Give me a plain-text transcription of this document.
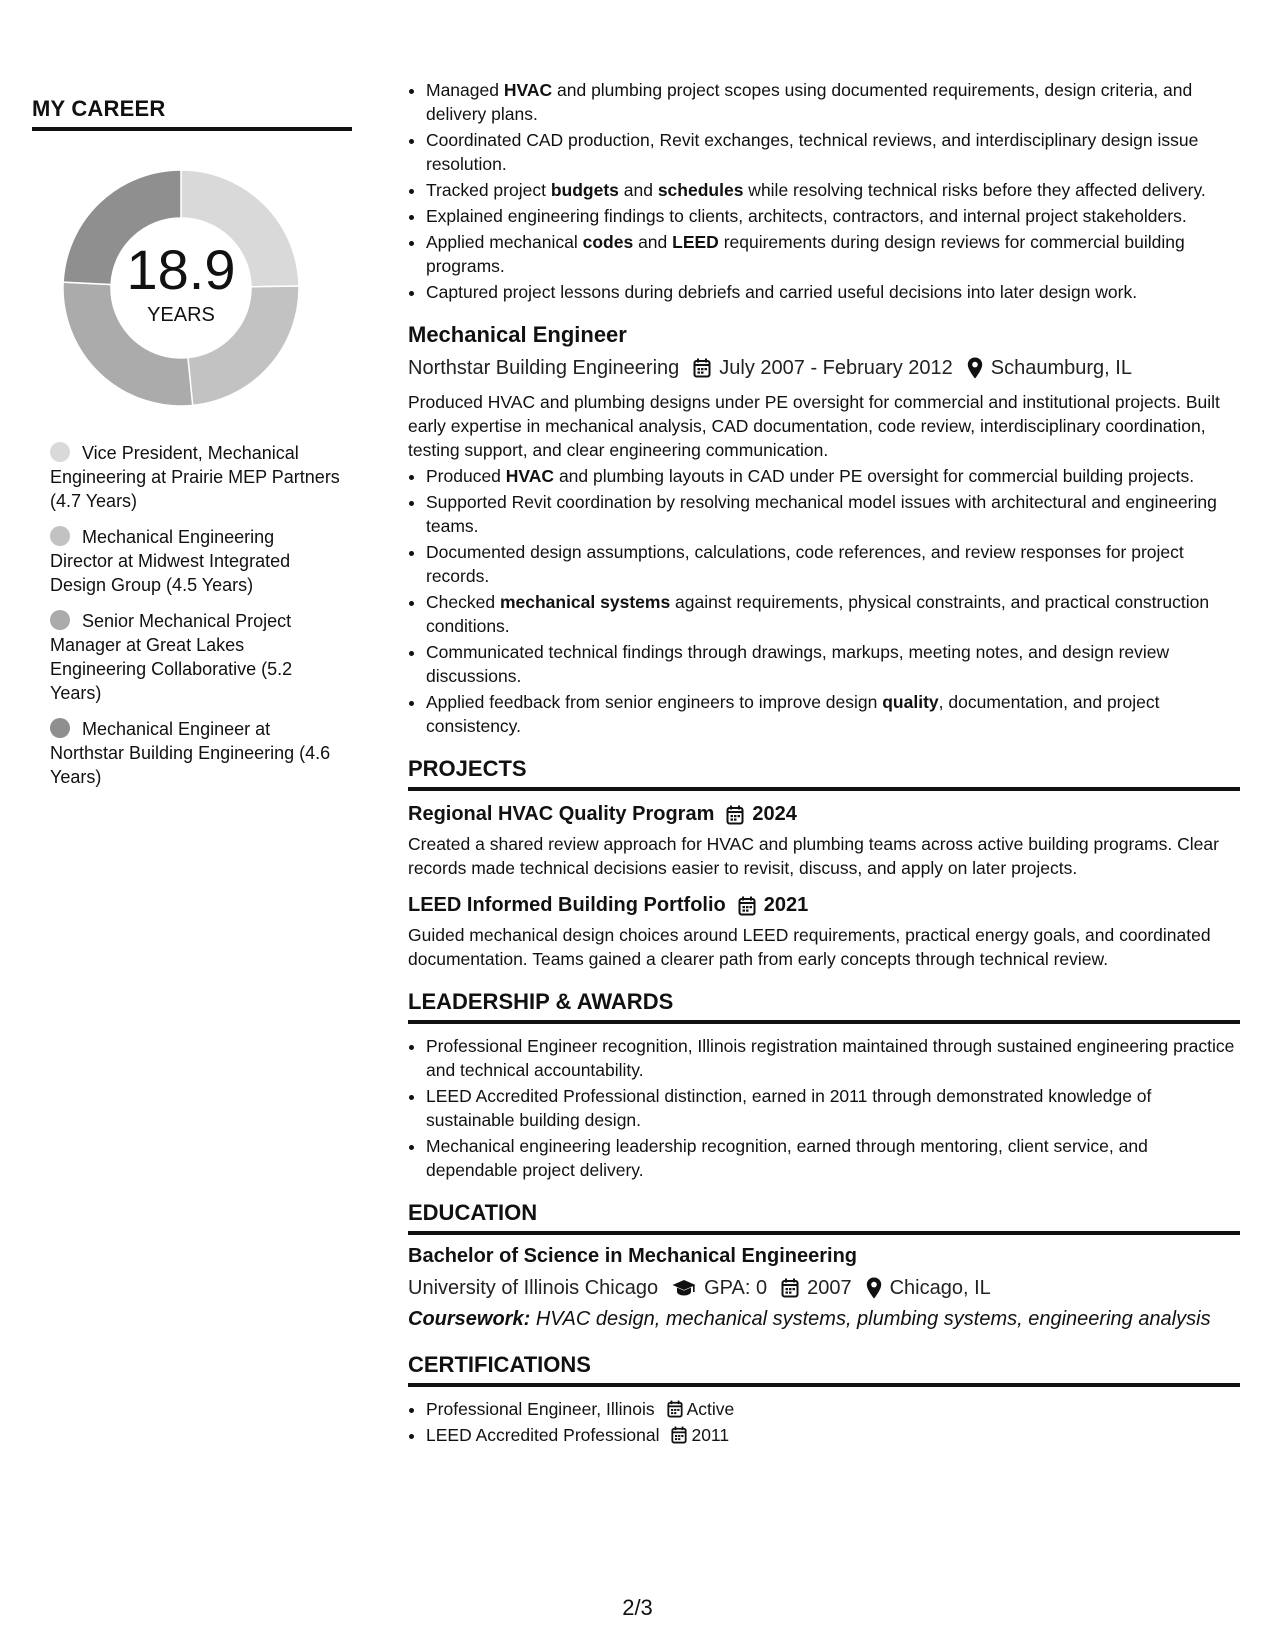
MY CAREER
18.9
YEARS
Vice President, Mechanical Engineering at Prairie MEP Partners (4.7 Years)
Mechanical Engineering Director at Midwest Integrated Design Group (4.5 Years)
Senior Mechanical Project Manager at Great Lakes Engineering Collaborative (5.2 Years)
Mechanical Engineer at Northstar Building Engineering (4.6 Years)
• Managed HVAC and plumbing project scopes using documented requirements, design criteria, and delivery plans.
• Coordinated CAD production, Revit exchanges, technical reviews, and interdisciplinary design issue resolution.
• Tracked project budgets and schedules while resolving technical risks before they affected delivery.
• Explained engineering findings to clients, architects, contractors, and internal project stakeholders.
• Applied mechanical codes and LEED requirements during design reviews for commercial building programs.
• Captured project lessons during debriefs and carried useful decisions into later design work.
Mechanical Engineer
Northstar Building Engineering July 2007 - February 2012 Schaumburg, IL
Produced HVAC and plumbing designs under PE oversight for commercial and institutional projects. Built early expertise in mechanical analysis, CAD documentation, code review, interdisciplinary coordination, testing support, and clear engineering communication.
• Produced HVAC and plumbing layouts in CAD under PE oversight for commercial building projects.
• Supported Revit coordination by resolving mechanical model issues with architectural and engineering teams.
• Documented design assumptions, calculations, code references, and review responses for project records.
• Checked mechanical systems against requirements, physical constraints, and practical construction conditions.
• Communicated technical findings through drawings, markups, meeting notes, and design review discussions.
• Applied feedback from senior engineers to improve design quality, documentation, and project consistency.
PROJECTS
Regional HVAC Quality Program 2024
Created a shared review approach for HVAC and plumbing teams across active building programs. Clear records made technical decisions easier to revisit, discuss, and apply on later projects.
LEED Informed Building Portfolio 2021
Guided mechanical design choices around LEED requirements, practical energy goals, and coordinated documentation. Teams gained a clearer path from early concepts through technical review.
LEADERSHIP & AWARDS
• Professional Engineer recognition, Illinois registration maintained through sustained engineering practice and technical accountability.
• LEED Accredited Professional distinction, earned in 2011 through demonstrated knowledge of sustainable building design.
• Mechanical engineering leadership recognition, earned through mentoring, client service, and dependable project delivery.
EDUCATION
Bachelor of Science in Mechanical Engineering
University of Illinois Chicago GPA: 0 2007 Chicago, IL
Coursework: HVAC design, mechanical systems, plumbing systems, engineering analysis
CERTIFICATIONS
• Professional Engineer, Illinois Active
• LEED Accredited Professional 2011
2/3
